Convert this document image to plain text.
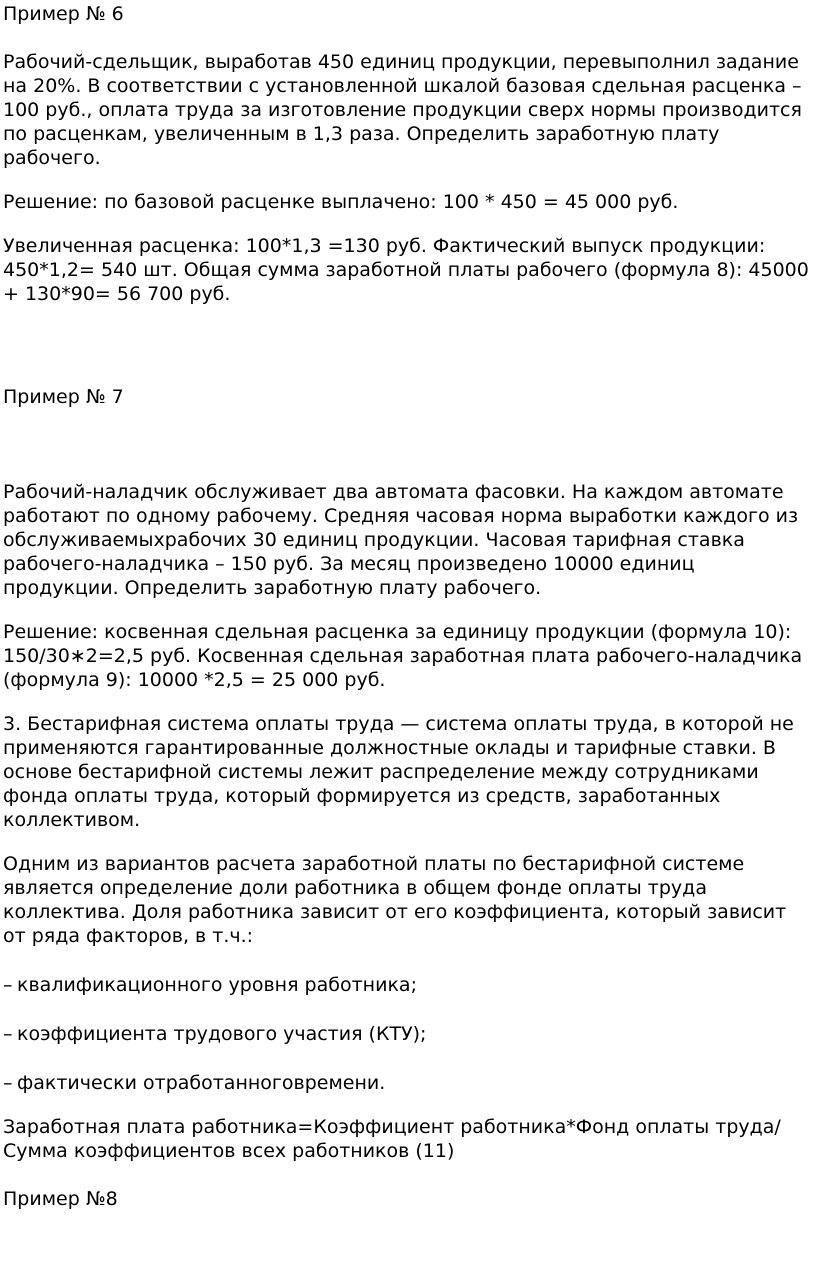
Пример № 6

Рабочий-сдельщик, выработав 450 единиц продукции, перевыполнил задание на 20%. В соответствии с установленной шкалой базовая сдельная расценка – 100 руб., оплата труда за изготовление продукции сверх нормы производится по расценкам, увеличенным в 1,3 раза. Определить заработную плату рабочего.

Решение: по базовой расценке выплачено: 100 * 450 = 45 000 руб.

Увеличенная расценка: 100*1,3 =130 руб. Фактический выпуск продукции: 450*1,2= 540 шт. Общая сумма заработной платы рабочего (формула 8): 45000 + 130*90= 56 700 руб.

Пример № 7

Рабочий-наладчик обслуживает два автомата фасовки. На каждом автомате работают по одному рабочему. Средняя часовая норма выработки каждого из обслуживаемыхрабочих 30 единиц продукции. Часовая тарифная ставка рабочего-наладчика – 150 руб. За месяц произведено 10000 единиц продукции. Определить заработную плату рабочего.

Решение: косвенная сдельная расценка за единицу продукции (формула 10): 150/30∗2=2,5 руб. Косвенная сдельная заработная плата рабочего-наладчика (формула 9): 10000 *2,5 = 25 000 руб.

3. Бестарифная система оплаты труда — система оплаты труда, в которой не применяются гарантированные должностные оклады и тарифные ставки. В основе бестарифной системы лежит распределение между сотрудниками фонда оплаты труда, который формируется из средств, заработанных коллективом.

Одним из вариантов расчета заработной платы по бестарифной системе является определение доли работника в общем фонде оплаты труда коллектива. Доля работника зависит от его коэффициента, который зависит от ряда факторов, в т.ч.:

– квалификационного уровня работника;

– коэффициента трудового участия (КТУ);

– фактически отработанноговремени.

Заработная плата работника=Коэффициент работника*Фонд оплаты труда/Сумма коэффициентов всех работников (11)

Пример №8
